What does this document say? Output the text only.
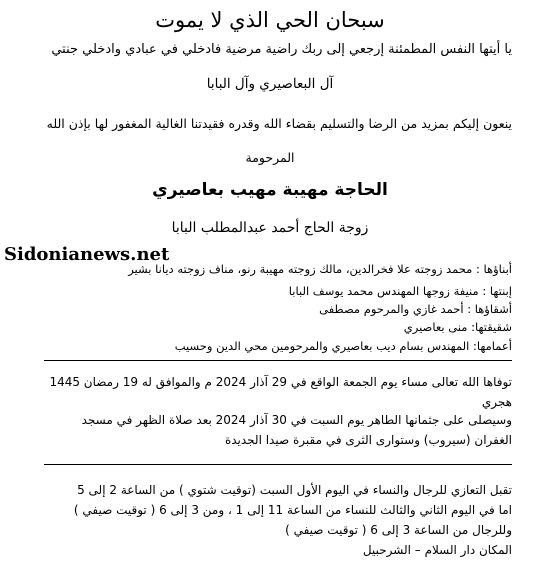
سبحان الحي الذي لا يموت
يا أيتها النفس المطمئنة إرجعي إلى ربك راضية مرضية فادخلي في عبادي وادخلي جنتي
آل البعاصيري وآل البابا
ينعون إليكم بمزيد من الرضا والتسليم بقضاء الله وقدره فقيدتنا الغالية المغفور لها بإذن الله
المرحومة
الحاجة مهيبة مهيب بعاصيري
زوجة الحاج أحمد عبدالمطلب البابا
أبناؤها : محمد زوجته علا فخرالدين، مالك زوجته مهيبة رنو، مناف زوجته ديانا بشير
إبنتها : منيفة زوجها المهندس محمد يوسف البابا
أشقاؤها : أحمد غازي والمرحوم مصطفى
شقيقتها: منى بعاصيري
أعمامها: المهندس بسام ديب بعاصيري والمرحومين محي الدين وحسيب

توفاها الله تعالى مساء يوم الجمعة الواقع في 29 آذار 2024 م والموافق له 19 رمضان 1445 هجري

وسيصلى على جثمانها الطاهر يوم السبت في 30 آذار 2024 بعد صلاة الظهر في مسجد الغفران (سيروب) وستوارى الثرى في مقبرة صيدا الجديدة

تقبل التعازي للرجال والنساء في اليوم الأول السبت (توقيت شتوي ) من الساعة 2 إلى 5

اما في اليوم الثاني والثالث للنساء من الساعة 11 إلى 1 ، ومن 3 إلى 6 ( توقيت صيفي )

وللرجال من الساعة 3 إلى 6 ( توقيت صيفي )

المكان دار السلام – الشرحبيل

Sidonianews.net
